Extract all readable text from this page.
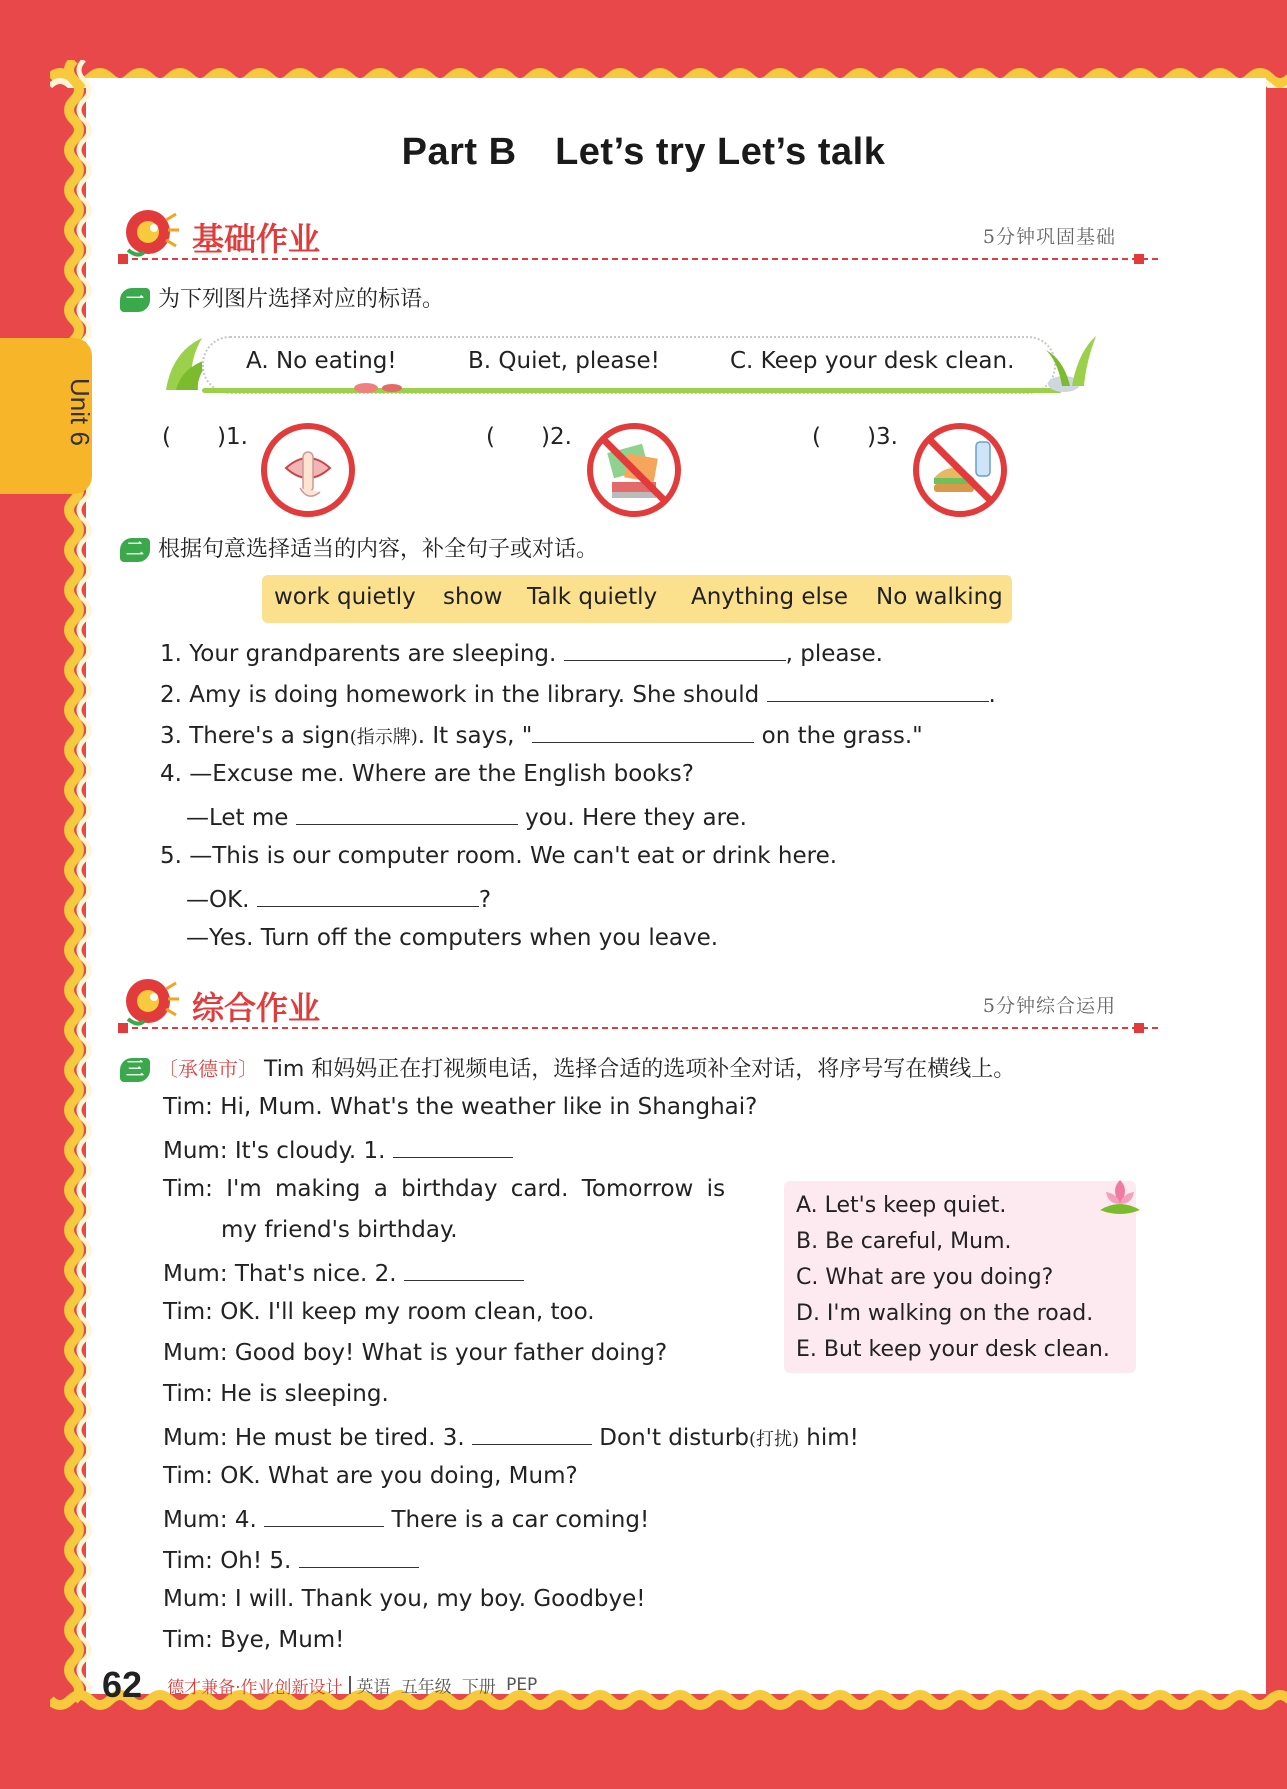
Unit 6
Part B　Let’s try Let’s talk
基础作业	5分钟巩固基础
一 为下列图片选择对应的标语。
A. No eating!	B. Quiet, please!	C. Keep your desk clean.
(　　)1.	(　　)2.	(　　)3.
二 根据句意选择适当的内容，补全句子或对话。
work quietly show Talk quietly Anything else No walking
1. Your grandparents are sleeping.	, please.
2. Amy is doing homework in the library. She should	.
3. There's a sign(指示牌). It says, "	on the grass."
4. —Excuse me. Where are the English books?
—Let me	you. Here they are.
5. —This is our computer room. We can't eat or drink here.
—OK.	?
—Yes. Turn off the computers when you leave.
综合作业	5分钟综合运用
三 〔承德市〕 Tim 和妈妈正在打视频电话，选择合适的选项补全对话，将序号写在横线上。
Tim: Hi, Mum. What's the weather like in Shanghai?
Mum: It's cloudy. 1.
Tim: I'm making a birthday card. Tomorrow is
my friend's birthday.
Mum: That's nice. 2.
Tim: OK. I'll keep my room clean, too.
Mum: Good boy! What is your father doing?
Tim: He is sleeping.
Mum: He must be tired. 3.	Don't disturb(打扰) him!
Tim: OK. What are you doing, Mum?
Mum: 4.	There is a car coming!
Tim: Oh! 5.
Mum: I will. Thank you, my boy. Goodbye!
Tim: Bye, Mum!
A. Let's keep quiet.
B. Be careful, Mum.
C. What are you doing?
D. I'm walking on the road.
E. But keep your desk clean.
62 德才兼备·作业创新设计 英语 五年级 下册 PEP
